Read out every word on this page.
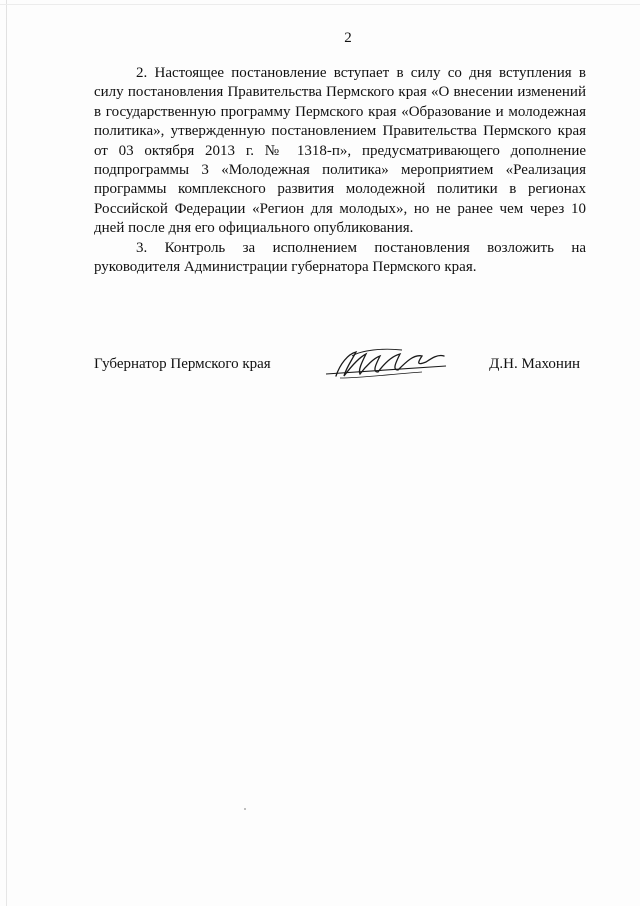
2

2. Настоящее постановление вступает в силу со дня вступления в силу постановления Правительства Пермского края «О внесении изменений в государственную программу Пермского края «Образование и молодежная политика», утвержденную постановлением Правительства Пермского края от 03 октября 2013 г. № 1318-п», предусматривающего дополнение подпрограммы 3 «Молодежная политика» мероприятием «Реализация программы комплексного развития молодежной политики в регионах Российской Федерации «Регион для молодых», но не ранее чем через 10 дней после дня его официального опубликования.

3. Контроль за исполнением постановления возложить на руководителя Администрации губернатора Пермского края.

Губернатор Пермского края	Д.Н. Махонин
